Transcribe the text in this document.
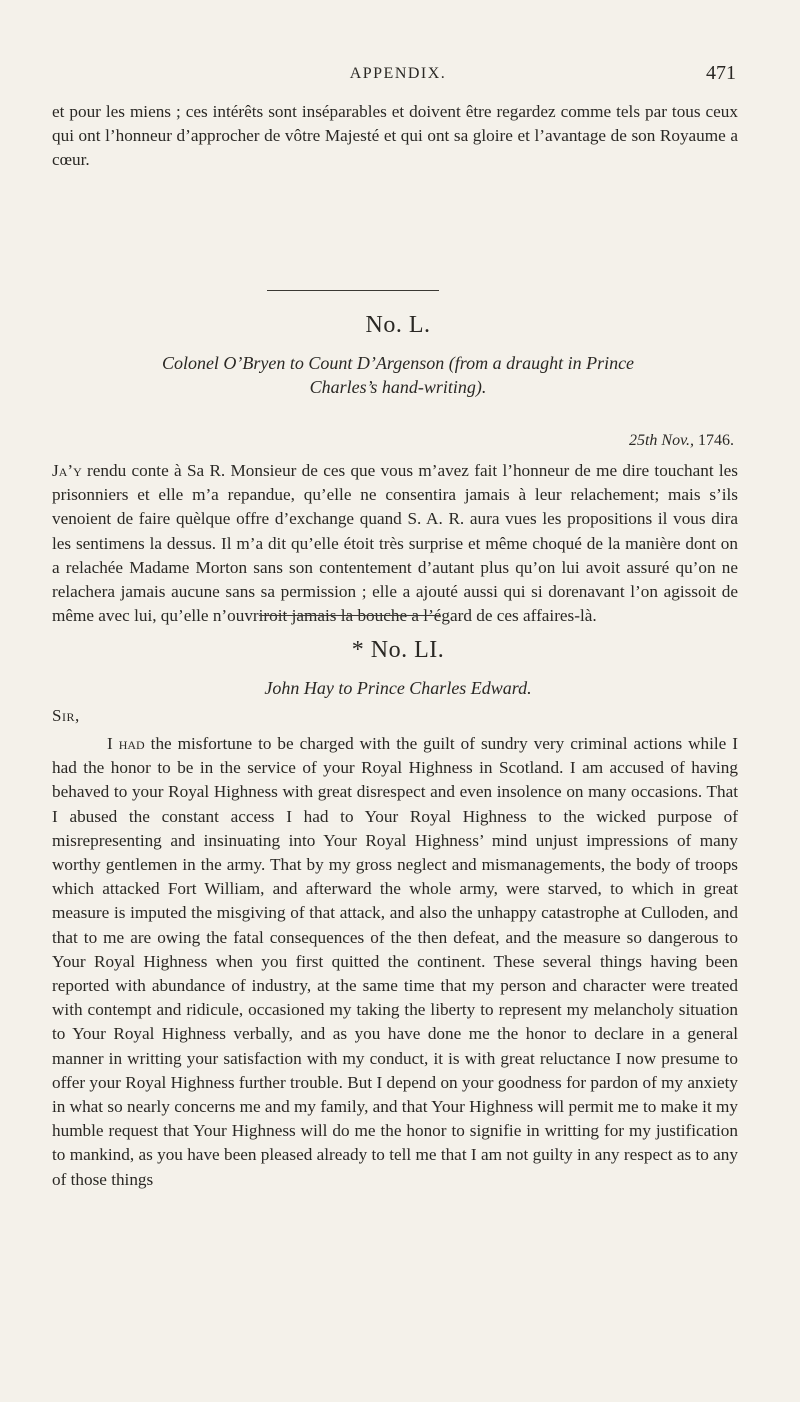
APPENDIX.	471

et pour les miens ; ces intérêts sont inséparables et doivent être regardez comme tels par tous ceux qui ont l’honneur d’approcher de vôtre Majesté et qui ont sa gloire et l’avantage de son Royaume a cœur.

No. L.
Colonel O’Bryen to Count D’Argenson (from a draught in Prince
Charles’s hand-writing).
25th Nov., 1746.

Ja’y rendu conte à Sa R. Monsieur de ces que vous m’avez fait l’honneur de me dire touchant les prisonniers et elle m’a repandue, qu’elle ne consentira jamais à leur relachement; mais s’ils venoient de faire quèlque offre d’exchange quand S. A. R. aura vues les propositions il vous dira les sentimens la dessus. Il m’a dit qu’elle étoit très surprise et même choqué de la manière dont on a relachée Madame Morton sans son contentement d’autant plus qu’on lui avoit assuré qu’on ne relachera jamais aucune sans sa permission ; elle a ajouté aussi qui si dorenavant l’on agissoit de même avec lui, qu’elle n’ouvriroit jamais la bouche a l’égard de ces affaires-là.

* No. LI.
John Hay to Prince Charles Edward.
Sir,

I had the misfortune to be charged with the guilt of sundry very criminal actions while I had the honor to be in the service of your Royal Highness in Scotland. I am accused of having behaved to your Royal Highness with great disrespect and even insolence on many occasions. That I abused the constant access I had to Your Royal Highness to the wicked purpose of misrepresenting and insinuating into Your Royal Highness’ mind unjust impressions of many worthy gentlemen in the army. That by my gross neglect and mismanagements, the body of troops which attacked Fort William, and afterward the whole army, were starved, to which in great measure is imputed the misgiving of that attack, and also the unhappy catastrophe at Culloden, and that to me are owing the fatal consequences of the then defeat, and the measure so dangerous to Your Royal Highness when you first quitted the continent. These several things having been reported with abundance of industry, at the same time that my person and character were treated with contempt and ridicule, occasioned my taking the liberty to represent my melancholy situation to Your Royal Highness verbally, and as you have done me the honor to declare in a general manner in writting your satisfaction with my conduct, it is with great reluctance I now presume to offer your Royal Highness further trouble. But I depend on your goodness for pardon of my anxiety in what so nearly concerns me and my family, and that Your Highness will permit me to make it my humble request that Your Highness will do me the honor to signifie in writting for my justification to mankind, as you have been pleased already to tell me that I am not guilty in any respect as to any of those things
